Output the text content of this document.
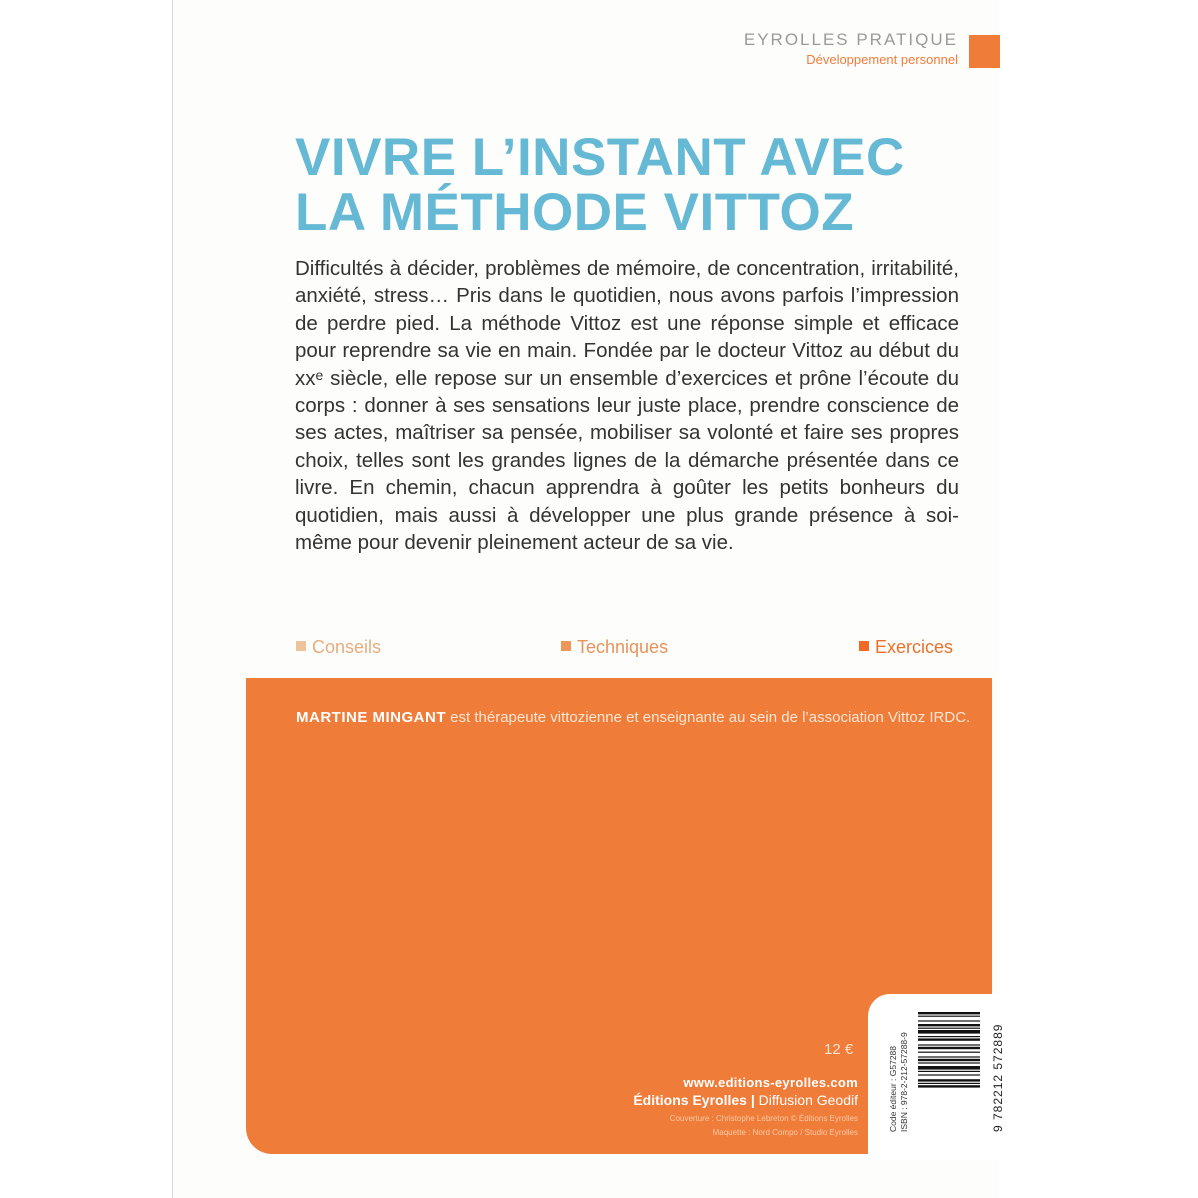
EYROLLES PRATIQUE
Développement personnel
VIVRE L’INSTANT AVEC
LA MÉTHODE VITTOZ

Difficultés à décider, problèmes de mémoire, de concentration, irritabilité, anxiété, stress… Pris dans le quotidien, nous avons parfois l’impression de perdre pied. La méthode Vittoz est une réponse simple et efficace pour reprendre sa vie en main. Fondée par le docteur Vittoz au début du xxᵉ siècle, elle repose sur un ensemble d’exercices et prône l’écoute du corps : donner à ses sensations leur juste place, prendre conscience de ses actes, maîtriser sa pensée, mobiliser sa volonté et faire ses propres choix, telles sont les grandes lignes de la démarche présentée dans ce livre. En chemin, chacun apprendra à goûter les petits bonheurs du quotidien, mais aussi à développer une plus grande présence à soi-même pour devenir pleinement acteur de sa vie.

Conseils	Techniques	Exercices
MARTINE MINGANT est thérapeute vittozienne et enseignante au sein de l’association Vittoz IRDC.
12 €
www.editions-eyrolles.com
Éditions Eyrolles | Diffusion Geodif
Couverture : Christophe Lebreton © Éditions Eyrolles
Maquette : Nord Compo / Studio Eyrolles
Code éditeur : G57288 ISBN : 978-2-212-57288-9	9 782212 572889
